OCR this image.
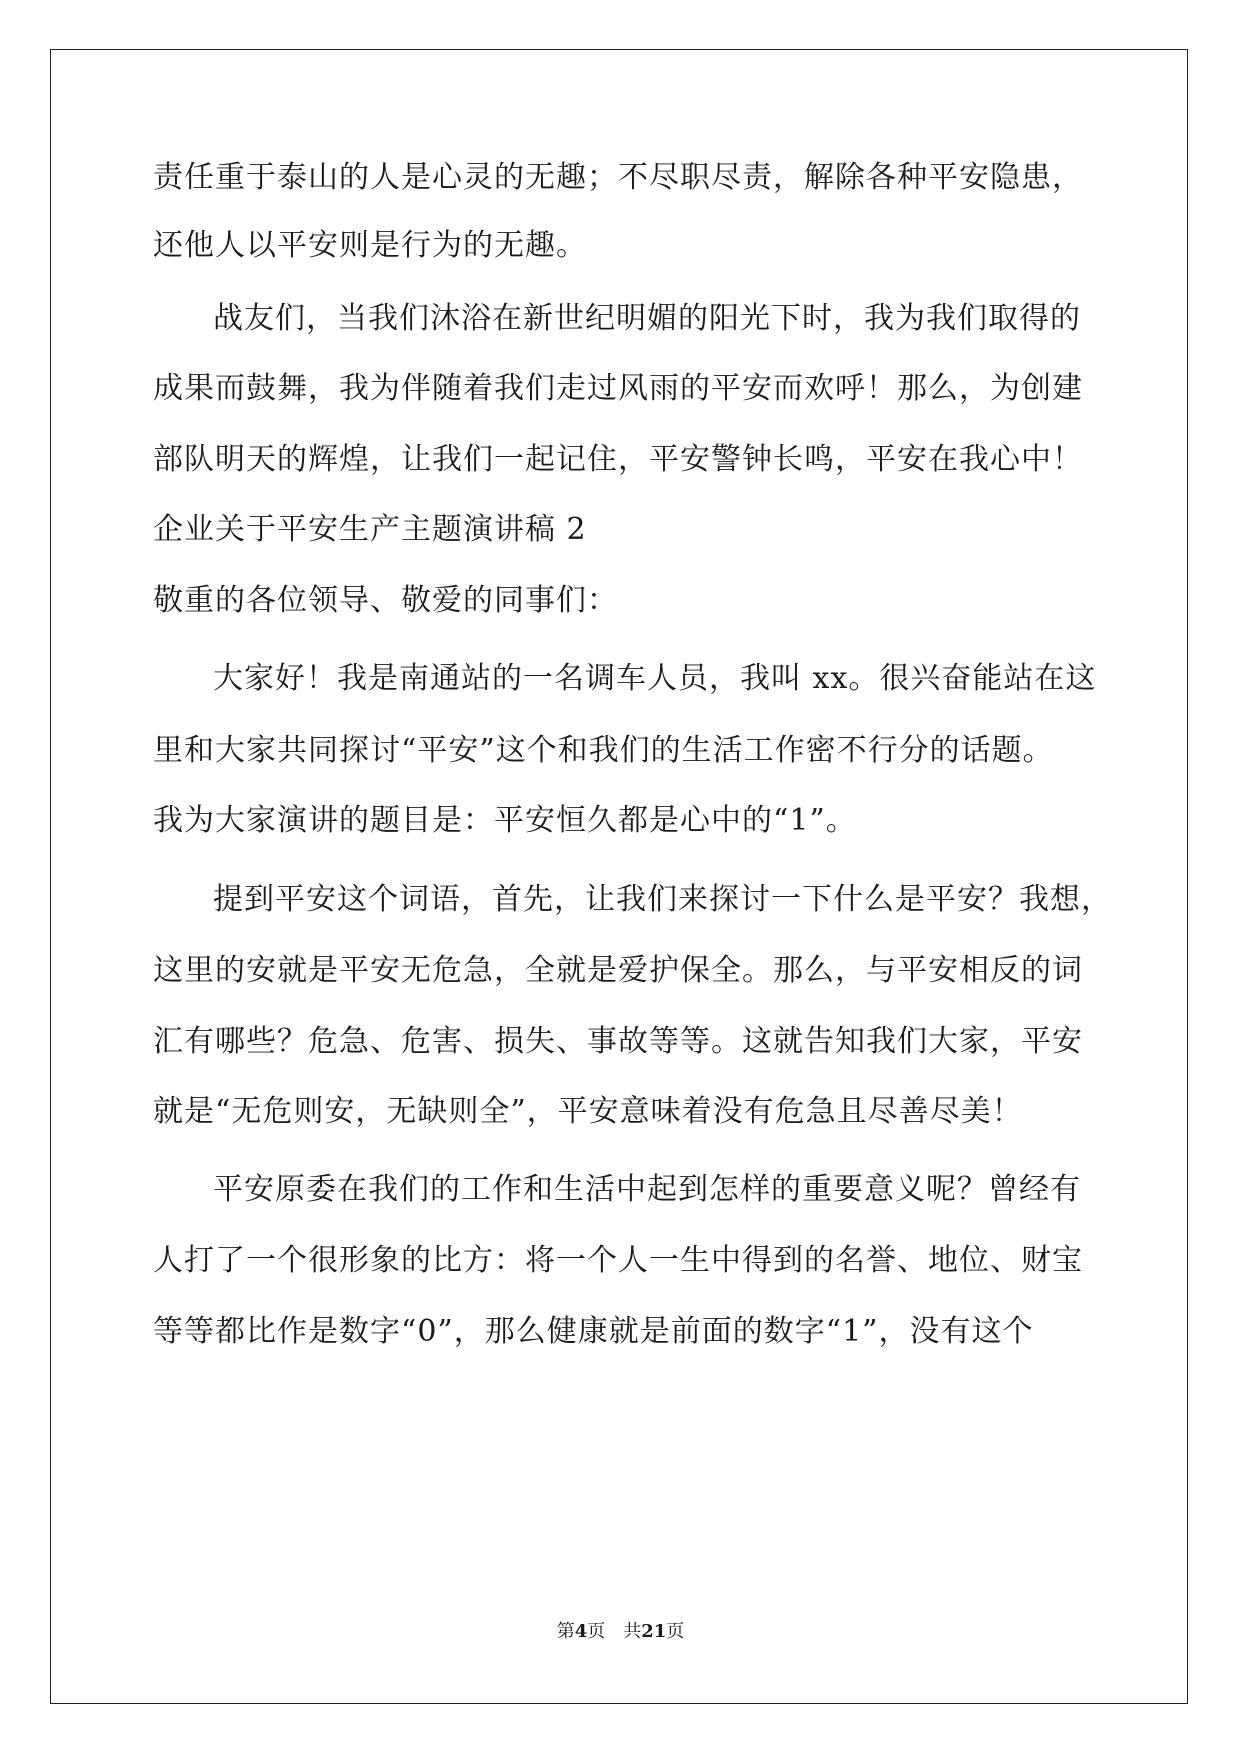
责任重于泰山的人是心灵的无趣；不尽职尽责，解除各种平安隐患，
还他人以平安则是行为的无趣。
战友们，当我们沐浴在新世纪明媚的阳光下时，我为我们取得的
成果而鼓舞，我为伴随着我们走过风雨的平安而欢呼！那么，为创建
部队明天的辉煌，让我们一起记住，平安警钟长鸣，平安在我心中！
企业关于平安生产主题演讲稿 2
敬重的各位领导、敬爱的同事们：
大家好！我是南通站的一名调车人员，我叫 xx。很兴奋能站在这
里和大家共同探讨“平安”这个和我们的生活工作密不行分的话题。
我为大家演讲的题目是：平安恒久都是心中的“1”。
提到平安这个词语，首先，让我们来探讨一下什么是平安？我想，
这里的安就是平安无危急，全就是爱护保全。那么，与平安相反的词
汇有哪些？危急、危害、损失、事故等等。这就告知我们大家，平安
就是“无危则安，无缺则全”，平安意味着没有危急且尽善尽美！
平安原委在我们的工作和生活中起到怎样的重要意义呢？曾经有
人打了一个很形象的比方：将一个人一生中得到的名誉、地位、财宝
等等都比作是数字“0”，那么健康就是前面的数字“1”，没有这个
第4页 共21页
